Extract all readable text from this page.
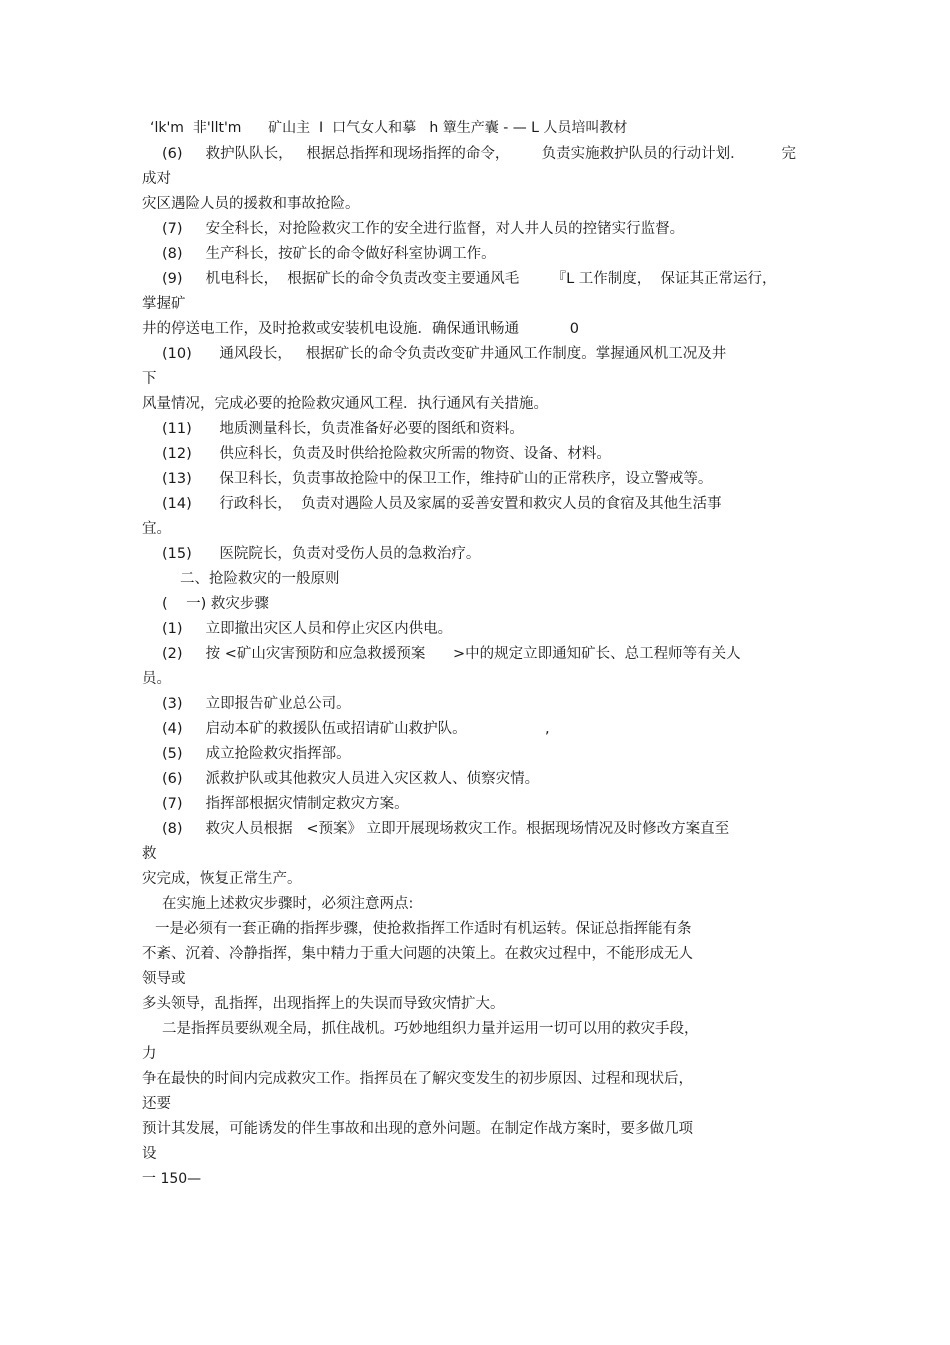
‘lk'm  非'llt'm      矿山主  I  口气女人和摹   h 簟生产囊 - — L 人员培叫教材
(6)     救护队队长，   根据总指挥和现场指挥的命令，       负责实施救护队员的行动计划．        完
成对
灾区遇险人员的援救和事故抢险。
(7)     安全科长，对抢险救灾工作的安全进行监督，对人井人员的控锗实行监督。
(8)     生产科长，按矿长的命令做好科室协调工作。
(9)     机电科长，  根据矿长的命令负责改变主要通风毛       『L 工作制度，  保证其正常运行，
掌握矿
井的停送电工作，及时抢救或安装机电设施．确保通讯畅通           0
(10)      通风段长，   根据矿长的命令负责改变矿井通风工作制度。掌握通风机工况及井
下
风量情况，完成必要的抢险救灾通风工程．执行通风有关措施。
(11)      地质测量科长，负责准备好必要的图纸和资料。
(12)      供应科长，负责及时供给抢险救灾所需的物资、设备、材料。
(13)      保卫科长，负责事故抢险中的保卫工作，维持矿山的正常秩序，设立警戒等。
(14)      行政科长，  负责对遇险人员及家属的妥善安置和救灾人员的食宿及其他生活事
宜。
(15)      医院院长，负责对受伤人员的急救治疗。
二、抢险救灾的一般原则
(    一) 救灾步骤
(1)     立即撤出灾区人员和停止灾区内供电。
(2)     按 <矿山灾害预防和应急救援预案      >中的规定立即通知矿长、总工程师等有关人
员。
(3)     立即报告矿业总公司。
(4)     启动本矿的救援队伍或招请矿山救护队。                 ,
(5)     成立抢险救灾指挥部。
(6)     派救护队或其他救灾人员进入灾区救人、侦察灾情。
(7)     指挥部根据灾情制定救灾方案。
(8)     救灾人员根据   <预案》 立即开展现场救灾工作。根据现场情况及时修改方案直至
救
灾完成，恢复正常生产。
在实施上述救灾步骤时，必须注意两点:
一是必须有一套正确的指挥步骤，使抢救指挥工作适时有机运转。保证总指挥能有条
不紊、沉着、冷静指挥，集中精力于重大问题的决策上。在救灾过程中，不能形成无人
领导或
多头领导，乱指挥，出现指挥上的失误而导致灾情扩大。
二是指挥员要纵观全局，抓住战机。巧妙地组织力量并运用一切可以用的救灾手段，
力
争在最快的时间内完成救灾工作。指挥员在了解灾变发生的初步原因、过程和现状后，
还要
预计其发展，可能诱发的伴生事故和出现的意外问题。在制定作战方案时，要多做几项
设
一 150—
